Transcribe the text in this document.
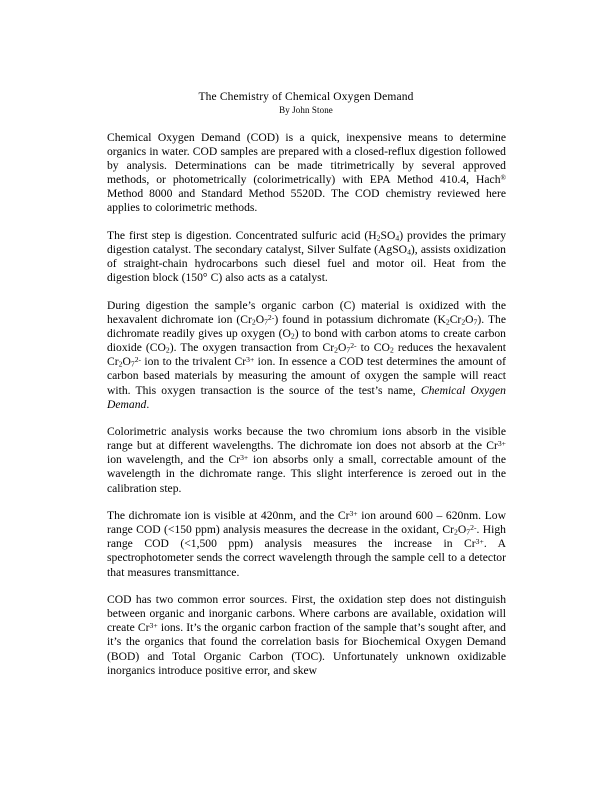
The Chemistry of Chemical Oxygen Demand
By John Stone

Chemical Oxygen Demand (COD) is a quick, inexpensive means to determine organics in water. COD samples are prepared with a closed-reflux digestion followed by analysis. Determinations can be made titrimetrically by several approved methods, or photometrically (colorimetrically) with EPA Method 410.4, Hach® Method 8000 and Standard Method 5520D. The COD chemistry reviewed here applies to colorimetric methods.

The first step is digestion. Concentrated sulfuric acid $(H_2SO_4)$ provides the primary digestion catalyst. The secondary catalyst, Silver Sulfate (AgSO$_4$), assists oxidization of straight-chain hydrocarbons such diesel fuel and motor oil. Heat from the digestion block (150° C) also acts as a catalyst.

During digestion the sample’s organic carbon (C) material is oxidized with the hexavalent dichromate ion $(Cr_2O_7^{2-})$ found in potassium dichromate $(K_2Cr_2O_7)$. The dichromate readily gives up oxygen $(O_2)$ to bond with carbon atoms to create carbon dioxide $(CO_2)$. The oxygen transaction from $Cr_2O_7^{2-}$ to $CO_2$ reduces the hexavalent $Cr_2O_7^{2-}$ ion to the trivalent $Cr^{3+}$ ion. In essence a COD test determines the amount of carbon based materials by measuring the amount of oxygen the sample will react with. This oxygen transaction is the source of the test’s name, Chemical Oxygen Demand.

Colorimetric analysis works because the two chromium ions absorb in the visible range but at different wavelengths. The dichromate ion does not absorb at the $Cr^{3+}$ ion wavelength, and the $Cr^{3+}$ ion absorbs only a small, correctable amount of the wavelength in the dichromate range. This slight interference is zeroed out in the calibration step.

The dichromate ion is visible at 420nm, and the $Cr^{3+}$ ion around 600 – 620nm. Low range COD (<150 ppm) analysis measures the decrease in the oxidant, $Cr_2O_7^{2-}$. High range COD (<1,500 ppm) analysis measures the increase in $Cr^{3+}$. A spectrophotometer sends the correct wavelength through the sample cell to a detector that measures transmittance.

COD has two common error sources. First, the oxidation step does not distinguish between organic and inorganic carbons. Where carbons are available, oxidation will create $Cr^{3+}$ ions. It’s the organic carbon fraction of the sample that’s sought after, and it’s the organics that found the correlation basis for Biochemical Oxygen Demand (BOD) and Total Organic Carbon (TOC). Unfortunately unknown oxidizable inorganics introduce positive error, and skew
